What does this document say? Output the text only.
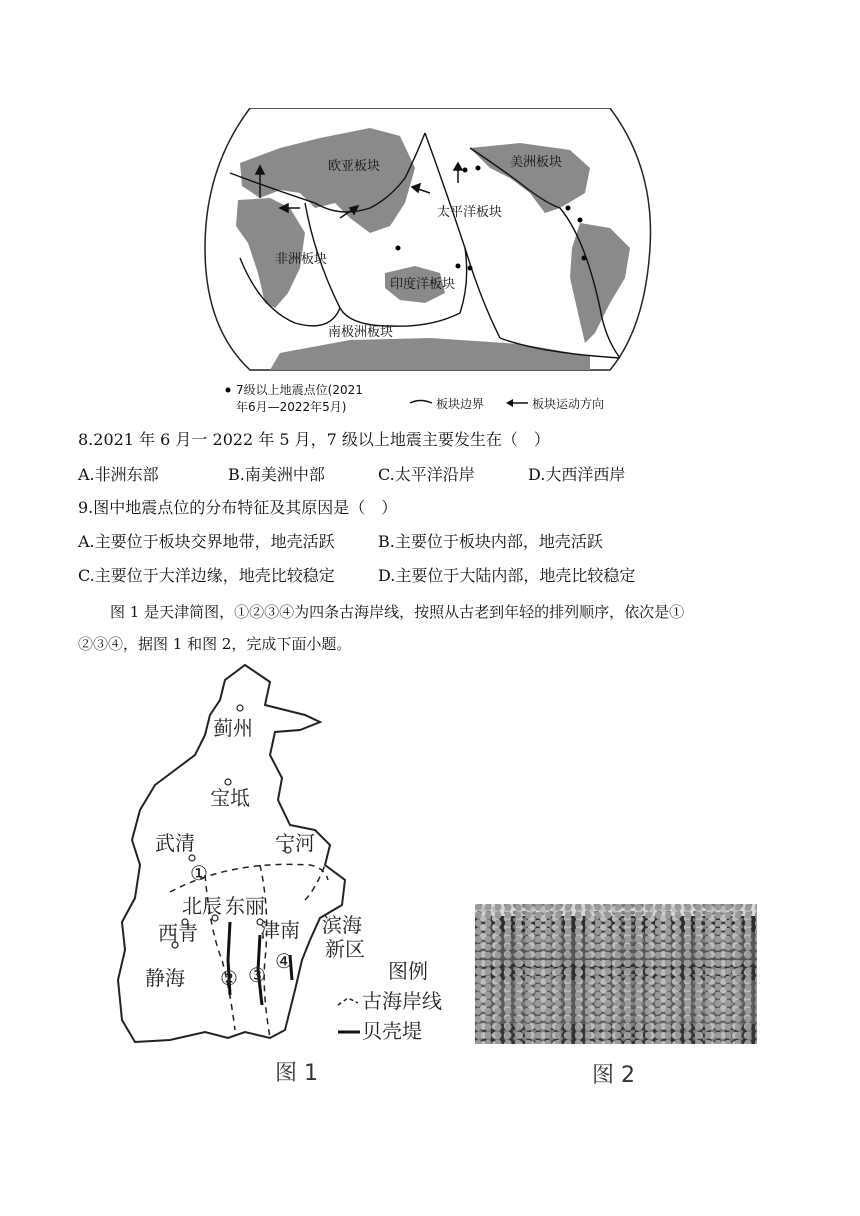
欧亚板块	美洲板块
太平洋板块
非洲板块
印度洋板块
南极洲板块
7级以上地震点位(2021
年6月—2022年5月)	板块边界	板块运动方向
8.2021 年 6 月一 2022 年 5 月，7 级以上地震主要发生在（　）
A.非洲东部	B.南美洲中部	C.太平洋沿岸	D.大西洋西岸
9.图中地震点位的分布特征及其原因是（　）
A.主要位于板块交界地带，地壳活跃	B.主要位于板块内部，地壳活跃
C.主要位于大洋边缘，地壳比较稳定	D.主要位于大陆内部，地壳比较稳定
图 1 是天津简图，①②③④为四条古海岸线，按照从古老到年轻的排列顺序，依次是①
②③④，据图 1 和图 2，完成下面小题。
蓟州
宝坻
武清	宁河
北辰 东丽
西青	津南 滨海
新区
静海
①
② ③
④	图例
古海岸线
贝壳堤
图 1	图 2
